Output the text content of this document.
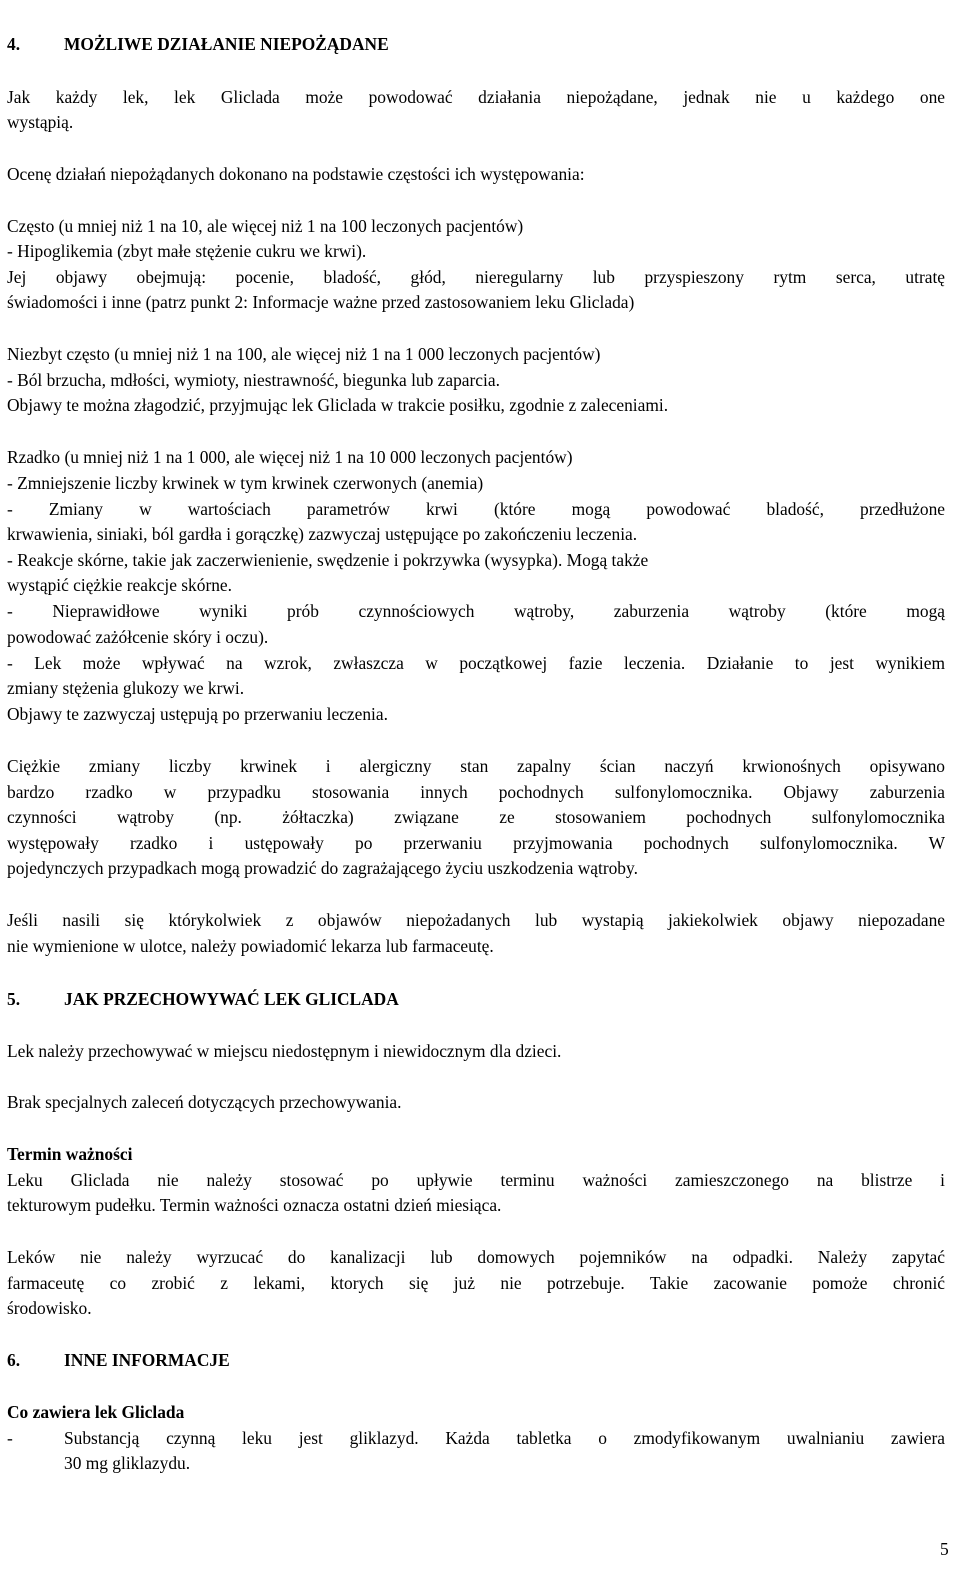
4.	MOŻLIWE DZIAŁANIE NIEPOŻĄDANE
Jak każdy lek, lek Gliclada może powodować działania niepożądane, jednak nie u każdego one
wystąpią.
Ocenę działań niepożądanych dokonano na podstawie częstości ich występowania:
Często (u mniej niż 1 na 10, ale więcej niż 1 na 100 leczonych pacjentów)
- Hipoglikemia (zbyt małe stężenie cukru we krwi).
Jej objawy obejmują: pocenie, bladość, głód, nieregularny lub przyspieszony rytm serca, utratę
świadomości i inne (patrz punkt 2: Informacje ważne przed zastosowaniem leku Gliclada)
Niezbyt często (u mniej niż 1 na 100, ale więcej niż 1 na 1 000 leczonych pacjentów)
- Ból brzucha, mdłości, wymioty, niestrawność, biegunka lub zaparcia.
Objawy te można złagodzić, przyjmując lek Gliclada w trakcie posiłku, zgodnie z zaleceniami.
Rzadko (u mniej niż 1 na 1 000, ale więcej niż 1 na 10 000 leczonych pacjentów)
- Zmniejszenie liczby krwinek w tym krwinek czerwonych (anemia)
- Zmiany w wartościach parametrów krwi (które mogą powodować bladość, przedłużone
krwawienia, siniaki, ból gardła i gorączkę) zazwyczaj ustępujące po zakończeniu leczenia.
- Reakcje skórne, takie jak zaczerwienienie, swędzenie i pokrzywka (wysypka). Mogą także
wystąpić ciężkie reakcje skórne.
- Nieprawidłowe wyniki prób czynnościowych wątroby, zaburzenia wątroby (które mogą
powodować zażółcenie skóry i oczu).
- Lek może wpływać na wzrok, zwłaszcza w początkowej fazie leczenia. Działanie to jest wynikiem
zmiany stężenia glukozy we krwi.
Objawy te zazwyczaj ustępują po przerwaniu leczenia.
Ciężkie zmiany liczby krwinek i alergiczny stan zapalny ścian naczyń krwionośnych opisywano
bardzo rzadko w przypadku stosowania innych pochodnych sulfonylomocznika. Objawy zaburzenia
czynności wątroby (np. żółtaczka) związane ze stosowaniem pochodnych sulfonylomocznika
występowały rzadko i ustępowały po przerwaniu przyjmowania pochodnych sulfonylomocznika. W
pojedynczych przypadkach mogą prowadzić do zagrażającego życiu uszkodzenia wątroby.
Jeśli nasili się którykolwiek z objawów niepożadanych lub wystapią jakiekolwiek objawy niepozadane
nie wymienione w ulotce, należy powiadomić lekarza lub farmaceutę.
5.	JAK PRZECHOWYWAĆ LEK GLICLADA
Lek należy przechowywać w miejscu niedostępnym i niewidocznym dla dzieci.
Brak specjalnych zaleceń dotyczących przechowywania.
Termin ważności
Leku Gliclada nie należy stosować po upływie terminu ważności zamieszczonego na blistrze i
tekturowym pudełku. Termin ważności oznacza ostatni dzień miesiąca.
Leków nie należy wyrzucać do kanalizacji lub domowych pojemników na odpadki. Należy zapytać
farmaceutę co zrobić z lekami, ktorych się już nie potrzebuje. Takie zacowanie pomoże chronić
środowisko.
6.	INNE INFORMACJE
Co zawiera lek Gliclada
-	Substancją czynną leku jest gliklazyd. Każda tabletka o zmodyfikowanym uwalnianiu zawiera
30 mg gliklazydu.
5
